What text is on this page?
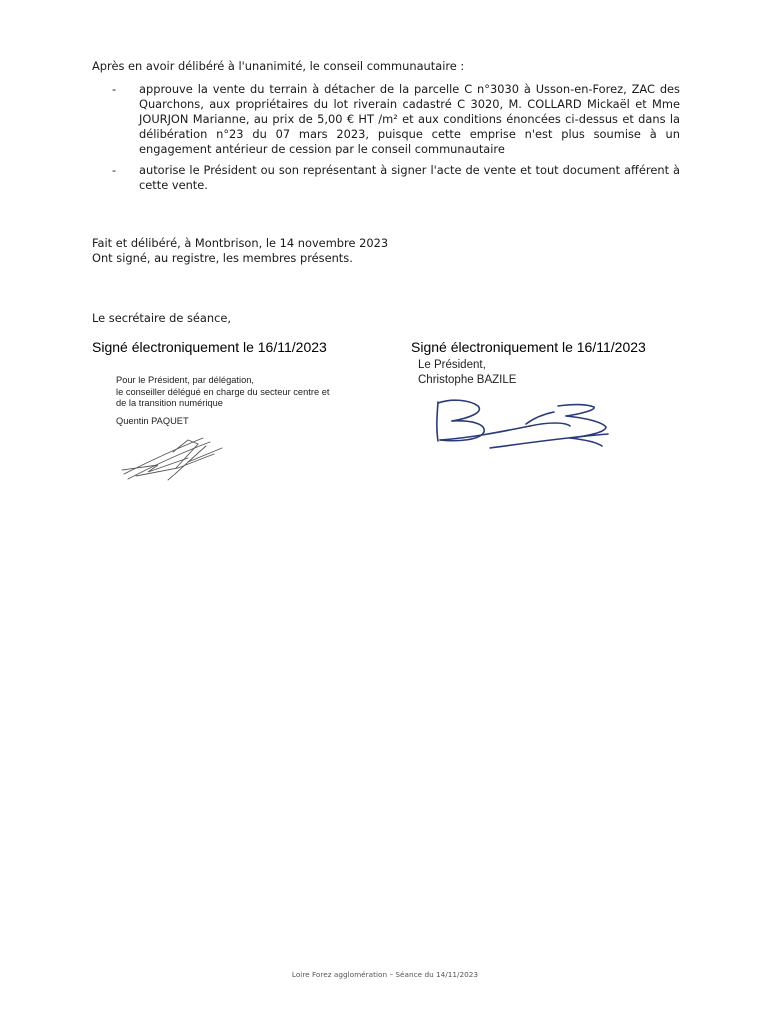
Après en avoir délibéré à l'unanimité, le conseil communautaire :
- approuve la vente du terrain à détacher de la parcelle C n°3030 à Usson-en-Forez, ZAC des Quarchons, aux propriétaires du lot riverain cadastré C 3020, M. COLLARD Mickaël et Mme JOURJON Marianne, au prix de 5,00 € HT /m² et aux conditions énoncées ci-dessus et dans la délibération n°23 du 07 mars 2023, puisque cette emprise n'est plus soumise à un engagement antérieur de cession par le conseil communautaire
- autorise le Président ou son représentant à signer l'acte de vente et tout document afférent à cette vente.
Fait et délibéré, à Montbrison, le 14 novembre 2023
Ont signé, au registre, les membres présents.
Le secrétaire de séance,
Signé électroniquement le 16/11/2023	Signé électroniquement le 16/11/2023
Pour le Président, par délégation,
le conseiller délégué en charge du secteur centre et
de la transition numérique
Quentin PAQUET
Le Président,
Christophe BAZILE
Loire Forez agglomération – Séance du 14/11/2023
